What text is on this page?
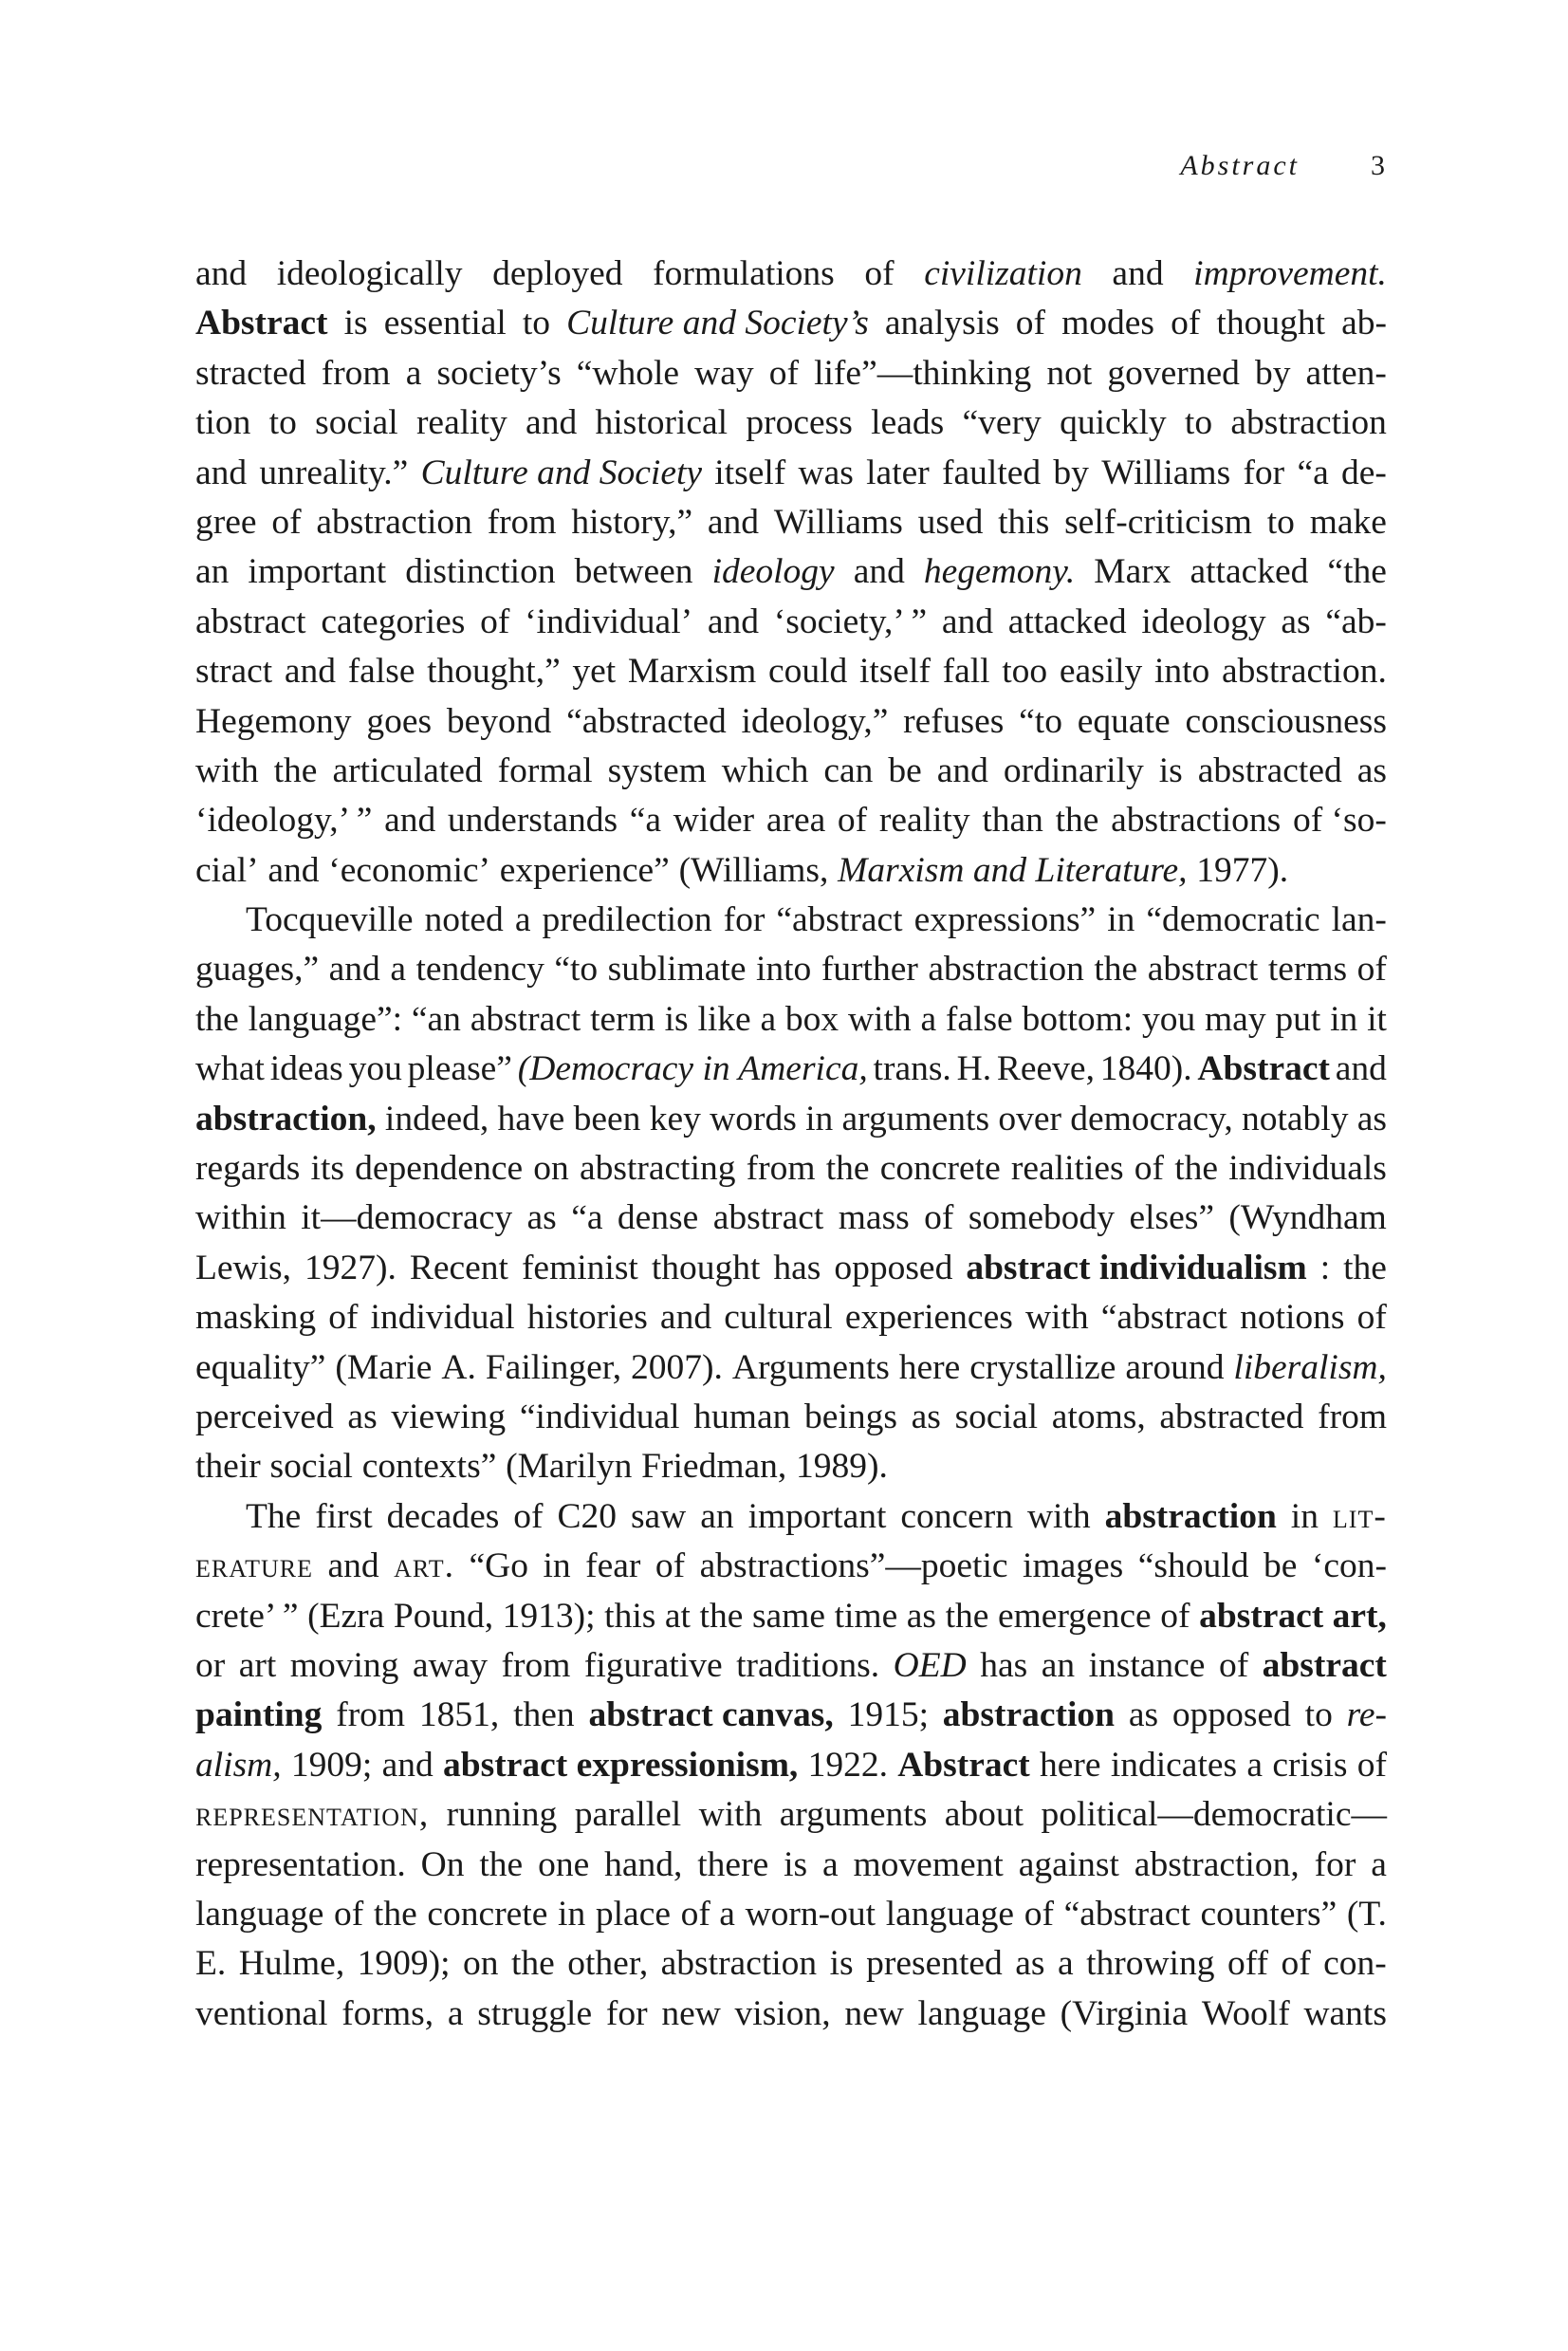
Abstract	3
and ideologically deployed formulations of civilization and improvement.
Abstract is essential to Culture and Society’s analysis of modes of thought ab-
stracted from a society’s “whole way of life”—thinking not governed by atten-
tion to social reality and historical process leads “very quickly to abstraction
and unreality.” Culture and Society itself was later faulted by Williams for “a de-
gree of abstraction from history,” and Williams used this self-criticism to make
an important distinction between ideology and hegemony. Marx attacked “the
abstract categories of ‘individual’ and ‘society,’ ” and attacked ideology as “ab-
stract and false thought,” yet Marxism could itself fall too easily into abstraction.
Hegemony goes beyond “abstracted ideology,” refuses “to equate consciousness
with the articulated formal system which can be and ordinarily is abstracted as
‘ideology,’ ” and understands “a wider area of reality than the abstractions of ‘so-
cial’ and ‘economic’ experience” (Williams, Marxism and Literature, 1977).
Tocqueville noted a predilection for “abstract expressions” in “democratic lan-
guages,” and a tendency “to sublimate into further abstraction the abstract terms of
the language”: “an abstract term is like a box with a false bottom: you may put in it
what ideas you please” (Democracy in America, trans. H. Reeve, 1840). Abstract and
abstraction, indeed, have been key words in arguments over democracy, notably as
regards its dependence on abstracting from the concrete realities of the individuals
within it—democracy as “a dense abstract mass of somebody elses” (Wyndham
Lewis, 1927). Recent feminist thought has opposed abstract individualism : the
masking of individual histories and cultural experiences with “abstract notions of
equality” (Marie A. Failinger, 2007). Arguments here crystallize around liberalism,
perceived as viewing “individual human beings as social atoms, abstracted from
their social contexts” (Marilyn Friedman, 1989).
The first decades of C20 saw an important concern with abstraction in lit-
erature and art. “Go in fear of abstractions”—poetic images “should be ‘con-
crete’ ” (Ezra Pound, 1913); this at the same time as the emergence of abstract art,
or art moving away from figurative traditions. OED has an instance of abstract
painting from 1851, then abstract canvas, 1915; abstraction as opposed to re-
alism, 1909; and abstract expressionism, 1922. Abstract here indicates a crisis of
representation, running parallel with arguments about political—democratic—
representation. On the one hand, there is a movement against abstraction, for a
language of the concrete in place of a worn-out language of “abstract counters” (T.
E. Hulme, 1909); on the other, abstraction is presented as a throwing off of con-
ventional forms, a struggle for new vision, new language (Virginia Woolf wants
